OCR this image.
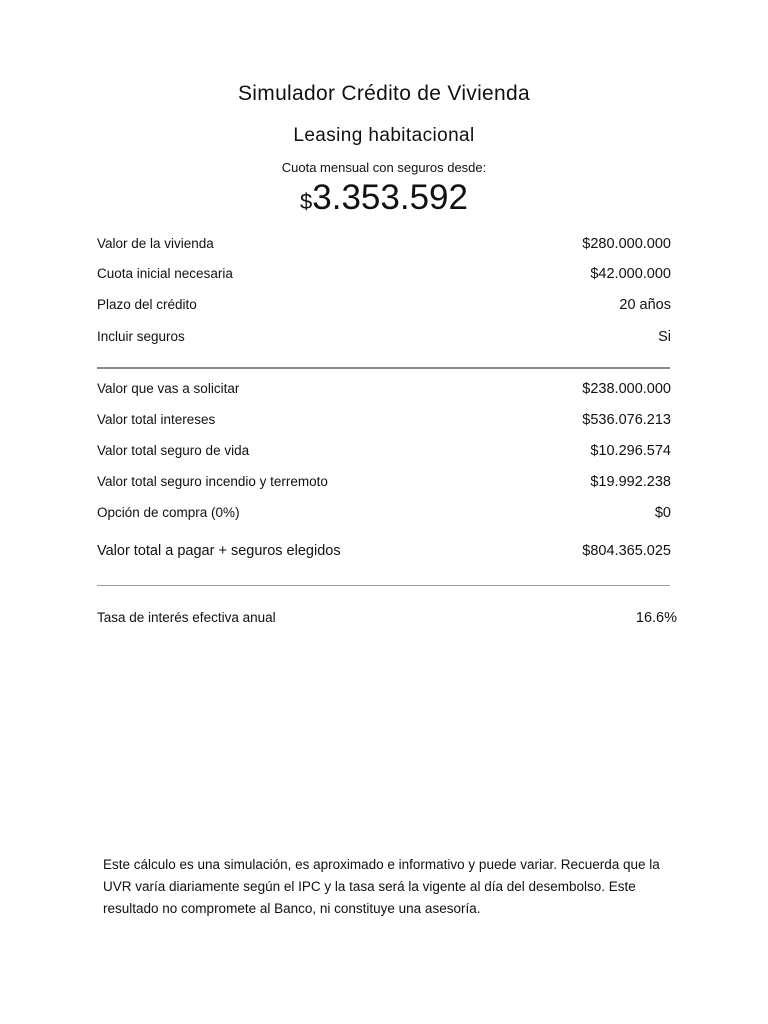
Simulador Crédito de Vivienda
Leasing habitacional
Cuota mensual con seguros desde:
$3.353.592
Valor de la vivienda	$280.000.000
Cuota inicial necesaria	$42.000.000
Plazo del crédito	20 años
Incluir seguros	Si
Valor que vas a solicitar	$238.000.000
Valor total intereses	$536.076.213
Valor total seguro de vida	$10.296.574
Valor total seguro incendio y terremoto	$19.992.238
Opción de compra (0%)	$0
Valor total a pagar + seguros elegidos	$804.365.025
Tasa de interés efectiva anual	16.6%
Este cálculo es una simulación, es aproximado e informativo y puede variar. Recuerda que la UVR varía diariamente según el IPC y la tasa será la vigente al día del desembolso. Este resultado no compromete al Banco, ni constituye una asesoría.
